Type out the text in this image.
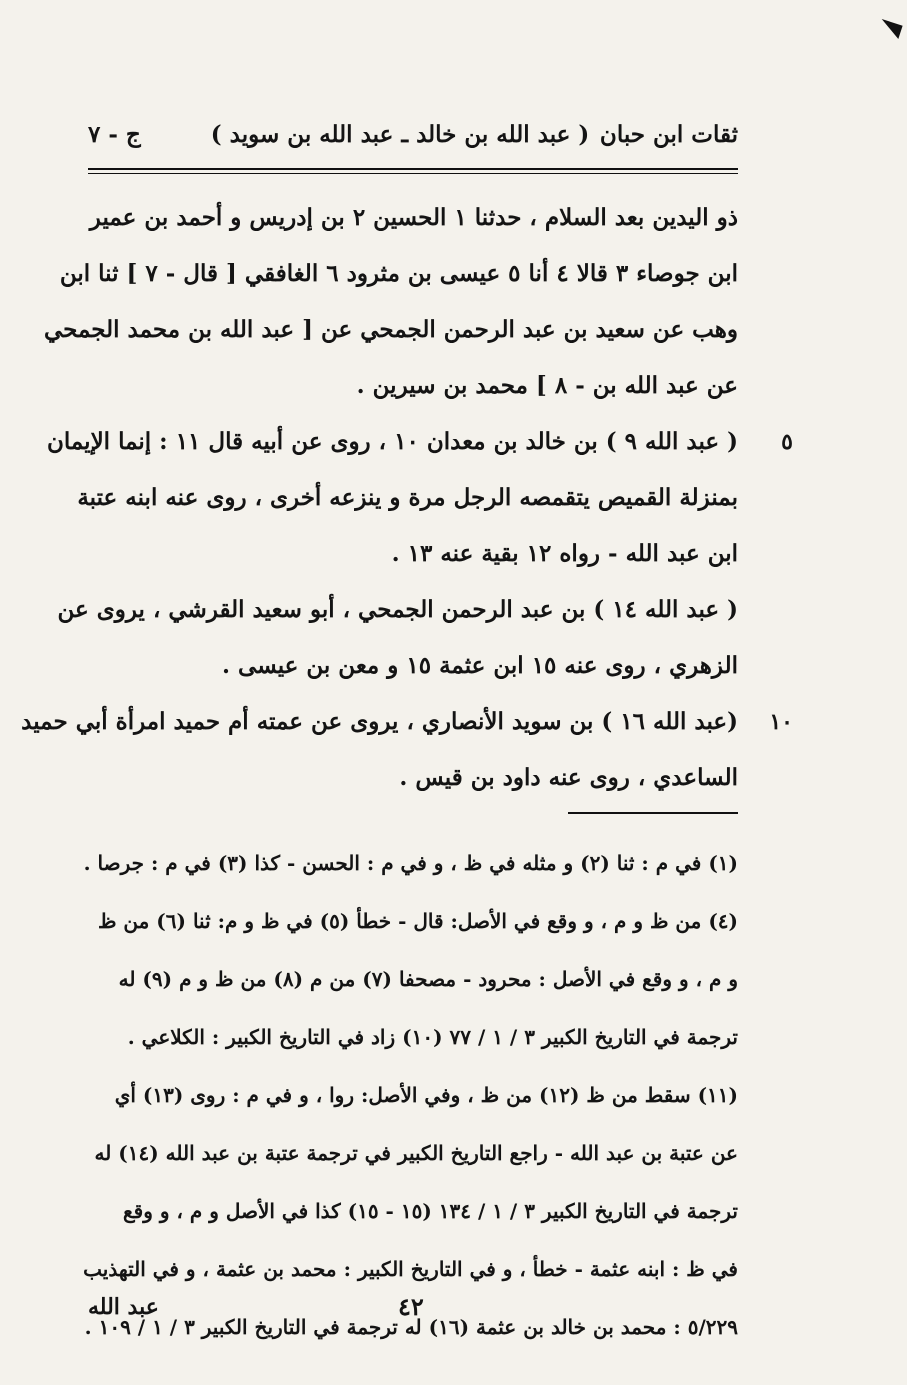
ثقات ابن حبان
( عبد الله بن خالد ـ عبد الله بن سويد )
ج - ٧
ذو اليدين بعد السلام ، حدثنا ١ الحسين ٢ بن إدريس و أحمد بن عمير
ابن جوصاء ٣ قالا ٤ أنا ٥ عيسى بن مثرود ٦ الغافقي [ قال - ٧ ] ثنا ابن
وهب عن سعيد بن عبد الرحمن الجمحي عن [ عبد الله بن محمد الجمحي
عن عبد الله بن - ٨ ] محمد بن سيرين .
٥
( عبد الله ٩ ) بن خالد بن معدان ١٠ ، روى عن أبيه قال ١١ : إنما الإيمان
بمنزلة القميص يتقمصه الرجل مرة و ينزعه أخرى ، روى عنه ابنه عتبة
ابن عبد الله - رواه ١٢ بقية عنه ١٣ .
( عبد الله ١٤ ) بن عبد الرحمن الجمحي ، أبو سعيد القرشي ، يروى عن
الزهري ، روى عنه ١٥ ابن عثمة ١٥ و معن بن عيسى .
١٠
(عبد الله ١٦ ) بن سويد الأنصاري ، يروى عن عمته أم حميد امرأة أبي حميد
الساعدي ، روى عنه داود بن قيس .
(١) في م : ثنا (٢) و مثله في ظ ، و في م : الحسن - كذا (٣) في م : جرصا .
(٤) من ظ و م ، و وقع في الأصل: قال - خطأ (٥) في ظ و م: ثنا (٦) من ظ
و م ، و وقع في الأصل : محرود - مصحفا (٧) من م (٨) من ظ و م (٩) له
ترجمة في التاريخ الكبير ٣ / ١ / ٧٧ (١٠) زاد في التاريخ الكبير : الكلاعي .
(١١) سقط من ظ (١٢) من ظ ، وفي الأصل: روا ، و في م : روى (١٣) أي
عن عتبة بن عبد الله - راجع التاريخ الكبير في ترجمة عتبة بن عبد الله (١٤) له
ترجمة في التاريخ الكبير ٣ / ١ / ١٣٤ (١٥ - ١٥) كذا في الأصل و م ، و وقع
في ظ : ابنه عثمة - خطأ ، و في التاريخ الكبير : محمد بن عثمة ، و في التهذيب
٥/٢٢٩ : محمد بن خالد بن عثمة (١٦) له ترجمة في التاريخ الكبير ٣ / ١ / ١٠٩ .
٤٢
عبد الله
